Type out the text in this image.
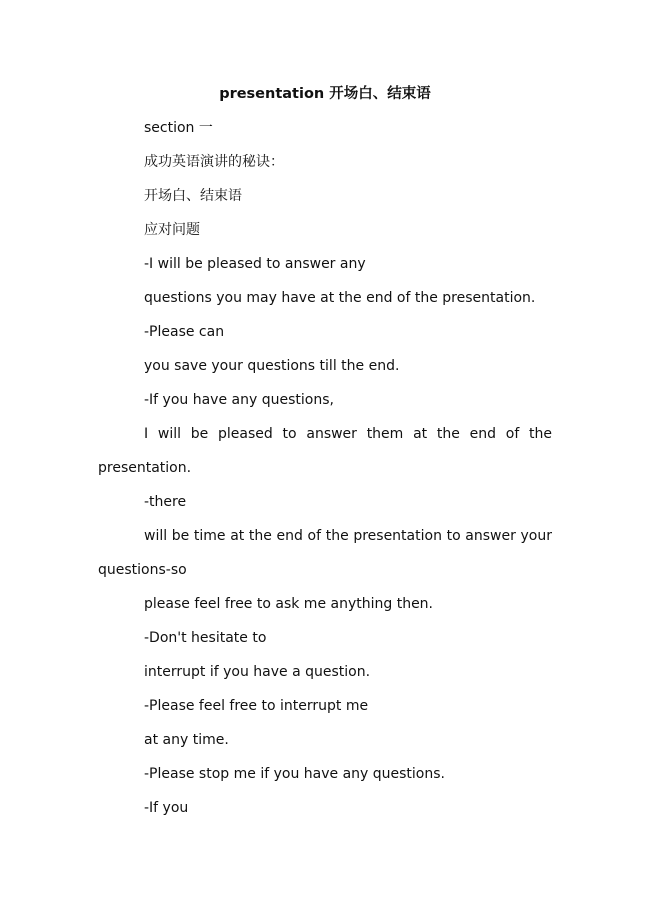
presentation 开场白、结束语

section 一

成功英语演讲的秘诀：

开场白、结束语

应对问题

-I will be pleased to answer any

questions you may have at the end of the presentation.

-Please can

you save your questions till the end.

-If you have any questions,

I will be pleased to answer them at the end of the

presentation.

-there

will be time at the end of the presentation to answer your

questions-so

please feel free to ask me anything then.

-Don't hesitate to

interrupt if you have a question.

-Please feel free to interrupt me

at any time.

-Please stop me if you have any questions.

-If you
